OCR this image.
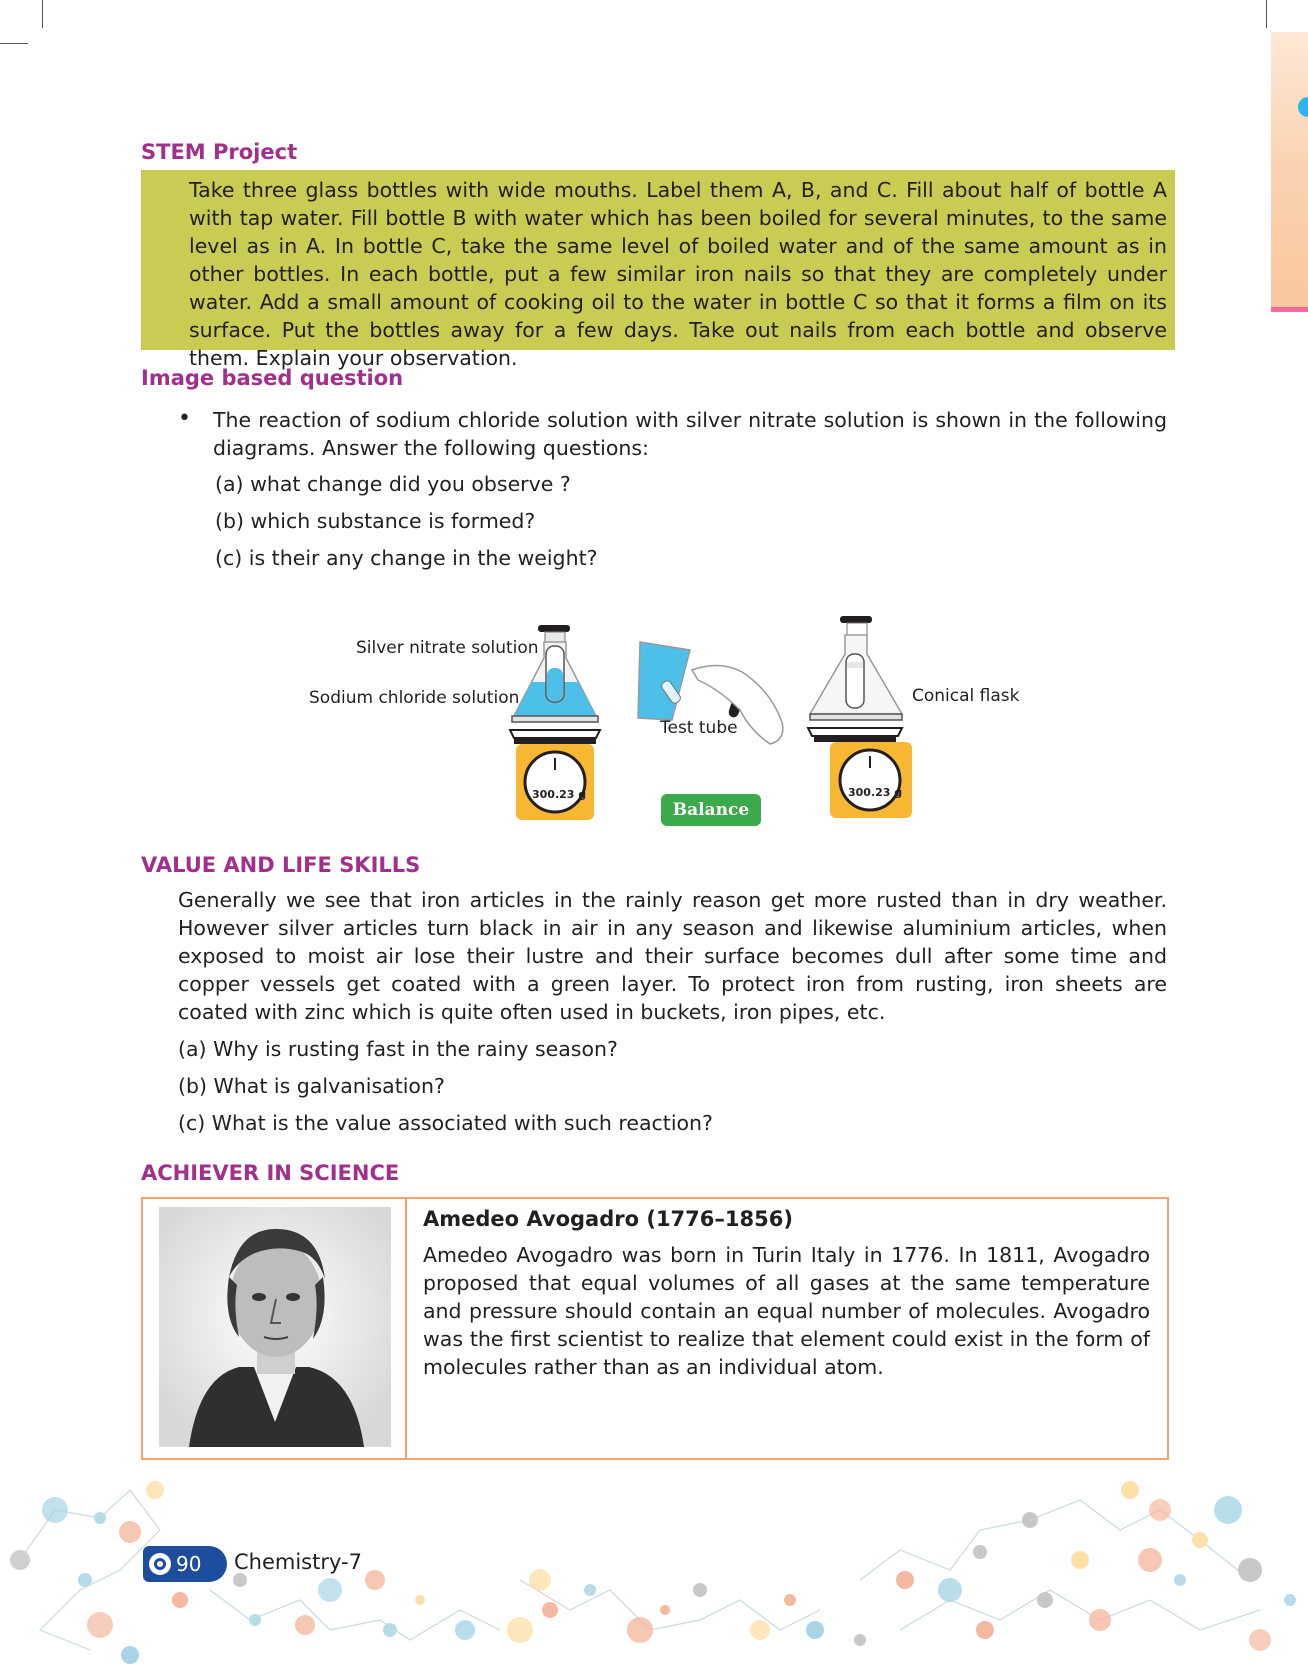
STEM Project
Take three glass bottles with wide mouths. Label them A, B, and C. Fill about half of bottle A with tap water. Fill bottle B with water which has been boiled for several minutes, to the same level as in A. In bottle C, take the same level of boiled water and of the same amount as in other bottles. In each bottle, put a few similar iron nails so that they are completely under water. Add a small amount of cooking oil to the water in bottle C so that it forms a film on its surface. Put the bottles away for a few days. Take out nails from each bottle and observe them. Explain your observation.
Image based question
• The reaction of sodium chloride solution with silver nitrate solution is shown in the following diagrams. Answer the following questions:
(a) what change did you observe ?
(b) which substance is formed?
(c) is their any change in the weight?
Silver nitrate solution
Sodium chloride solution
Test tube
Conical flask
300.23 g	300.23 g
Balance
VALUE AND LIFE SKILLS
Generally we see that iron articles in the rainly reason get more rusted than in dry weather. However silver articles turn black in air in any season and likewise aluminium articles, when exposed to moist air lose their lustre and their surface becomes dull after some time and copper vessels get coated with a green layer. To protect iron from rusting, iron sheets are coated with zinc which is quite often used in buckets, iron pipes, etc.
(a) Why is rusting fast in the rainy season?
(b) What is galvanisation?
(c) What is the value associated with such reaction?
ACHIEVER IN SCIENCE
Amedeo Avogadro (1776–1856)
Amedeo Avogadro was born in Turin Italy in 1776. In 1811, Avogadro proposed that equal volumes of all gases at the same temperature and pressure should contain an equal number of molecules. Avogadro was the first scientist to realize that element could exist in the form of molecules rather than as an individual atom.
90 Chemistry-7
